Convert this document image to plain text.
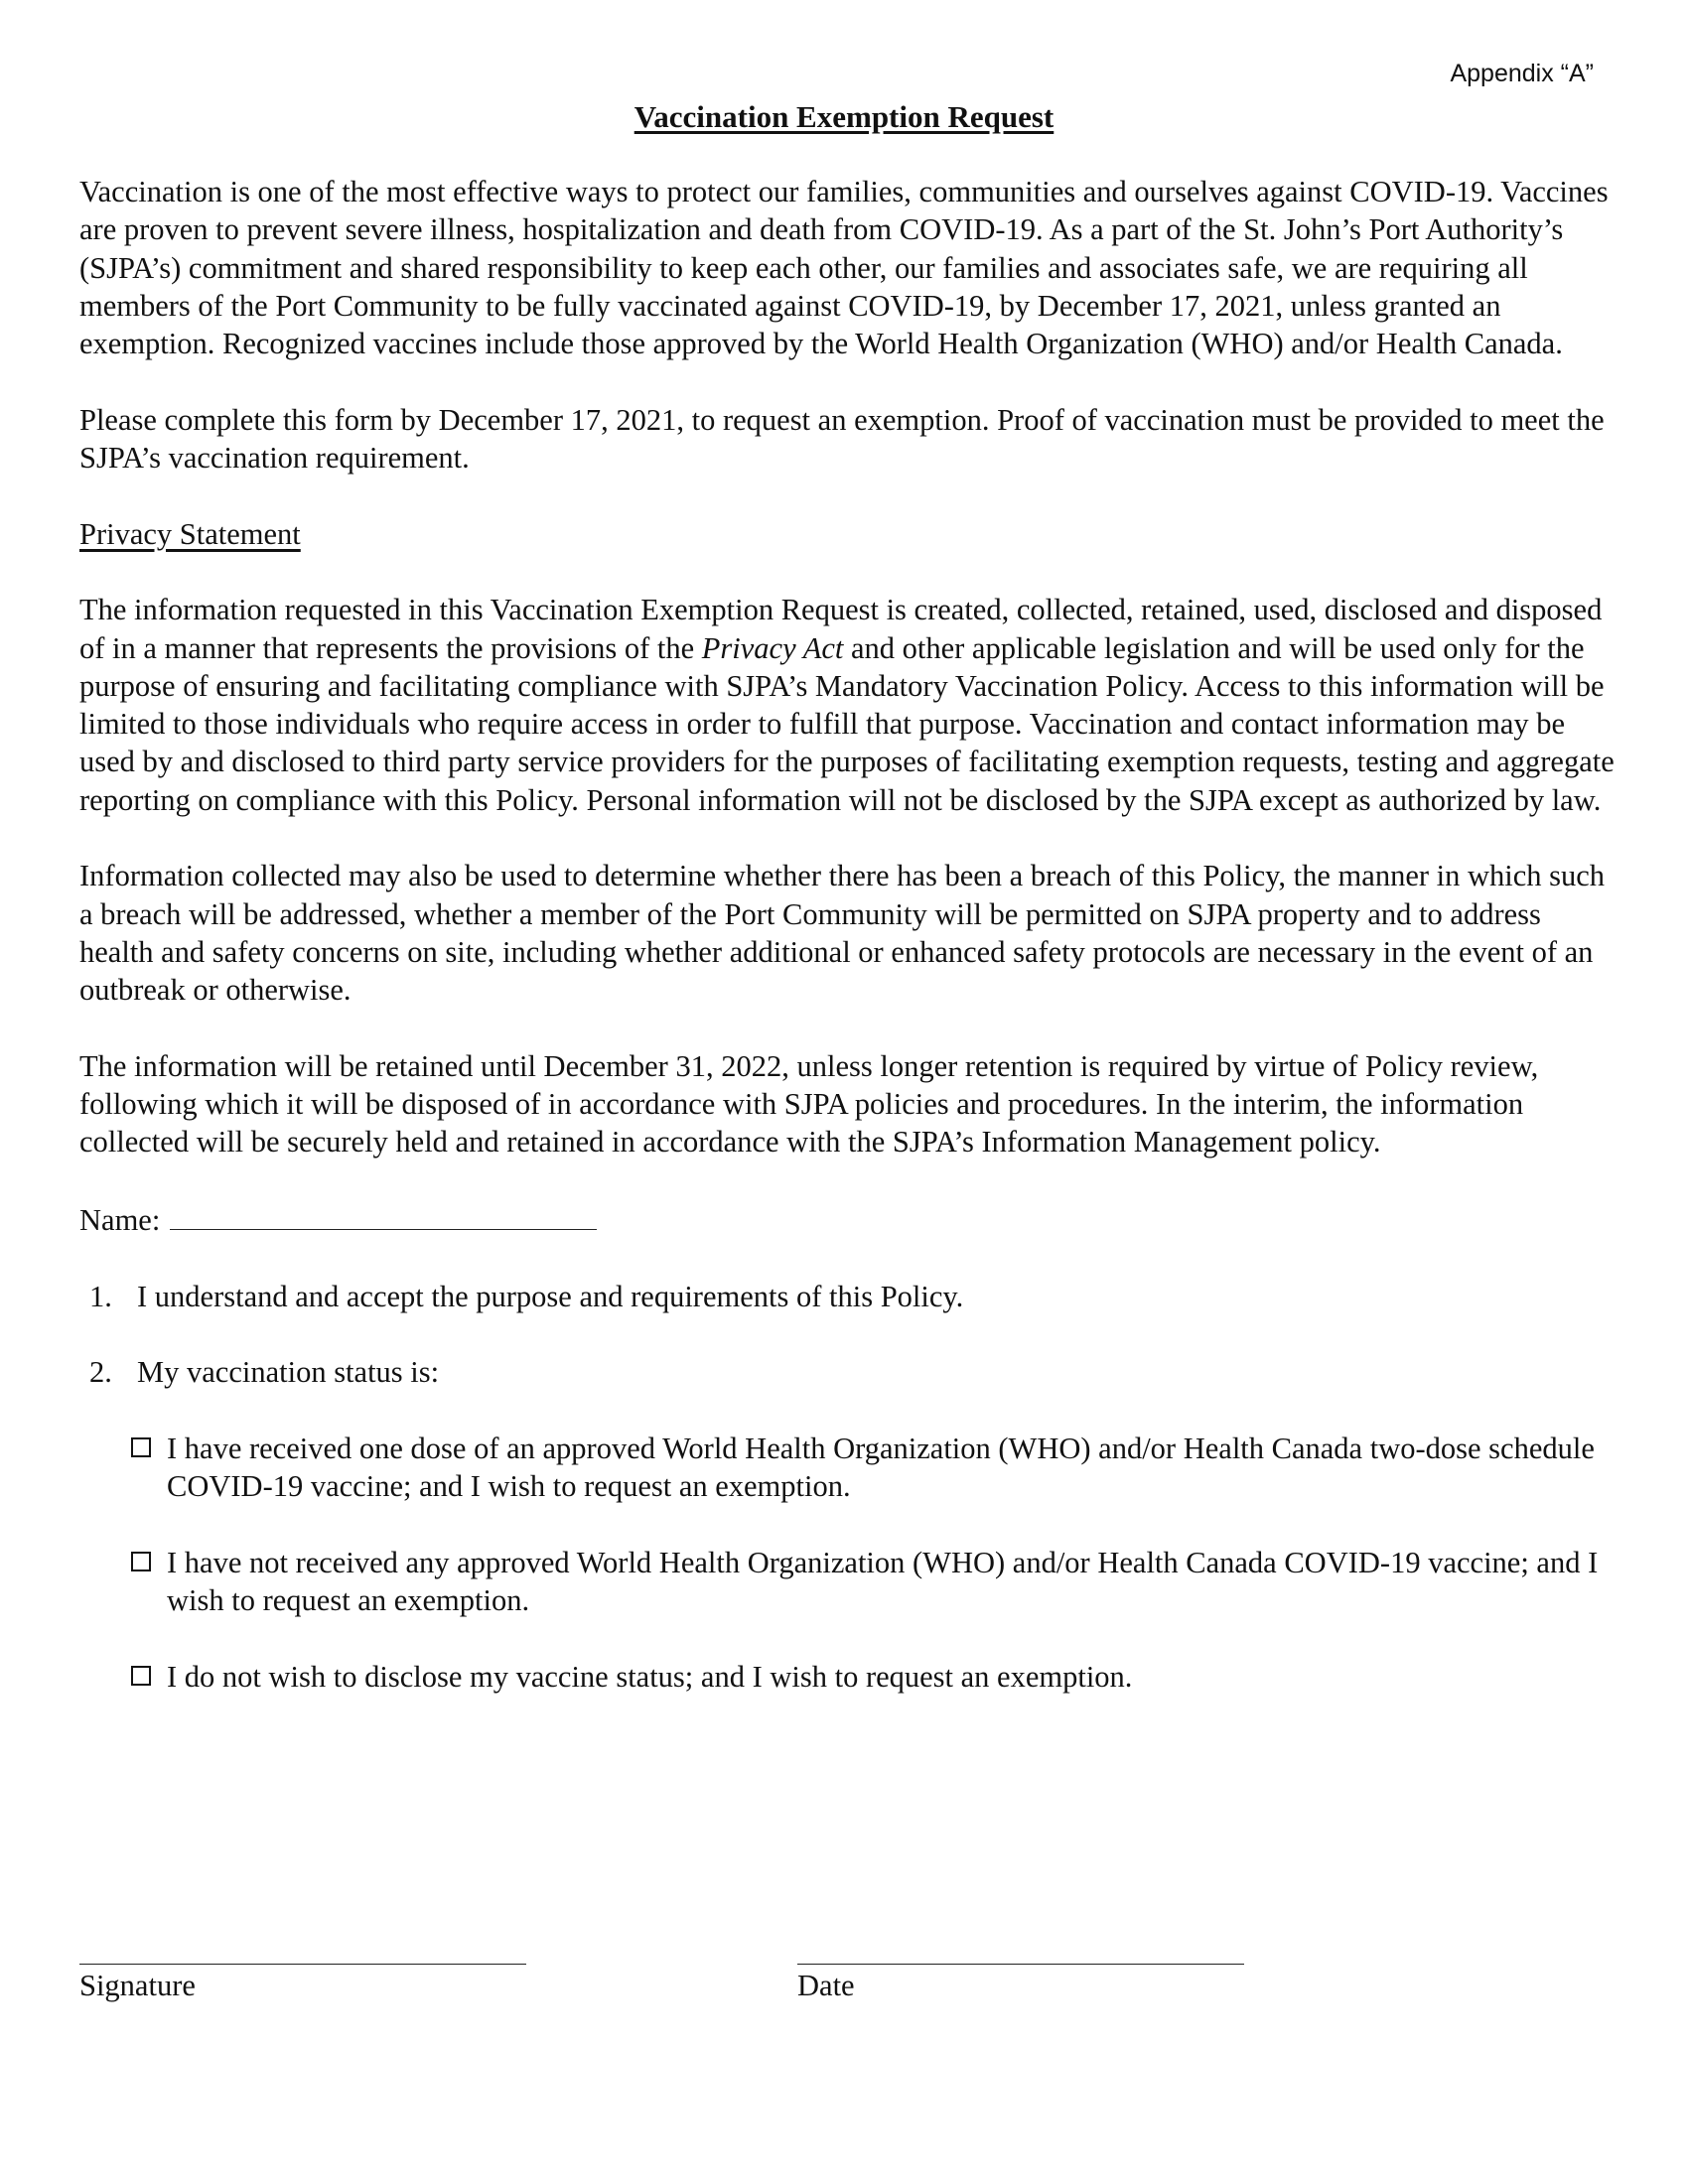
Appendix “A”
Vaccination Exemption Request

Vaccination is one of the most effective ways to protect our families, communities and ourselves against COVID-19. Vaccines are proven to prevent severe illness, hospitalization and death from COVID-19. As a part of the St. John’s Port Authority’s (SJPA’s) commitment and shared responsibility to keep each other, our families and associates safe, we are requiring all members of the Port Community to be fully vaccinated against COVID-19, by December 17, 2021, unless granted an exemption. Recognized vaccines include those approved by the World Health Organization (WHO) and/or Health Canada.

Please complete this form by December 17, 2021, to request an exemption. Proof of vaccination must be provided to meet the SJPA’s vaccination requirement.

Privacy Statement

The information requested in this Vaccination Exemption Request is created, collected, retained, used, disclosed and disposed of in a manner that represents the provisions of the Privacy Act and other applicable legislation and will be used only for the purpose of ensuring and facilitating compliance with SJPA’s Mandatory Vaccination Policy. Access to this information will be limited to those individuals who require access in order to fulfill that purpose. Vaccination and contact information may be used by and disclosed to third party service providers for the purposes of facilitating exemption requests, testing and aggregate reporting on compliance with this Policy. Personal information will not be disclosed by the SJPA except as authorized by law.

Information collected may also be used to determine whether there has been a breach of this Policy, the manner in which such a breach will be addressed, whether a member of the Port Community will be permitted on SJPA property and to address health and safety concerns on site, including whether additional or enhanced safety protocols are necessary in the event of an outbreak or otherwise.

The information will be retained until December 31, 2022, unless longer retention is required by virtue of Policy review, following which it will be disposed of in accordance with SJPA policies and procedures. In the interim, the information collected will be securely held and retained in accordance with the SJPA’s Information Management policy.

Name:
1. I understand and accept the purpose and requirements of this Policy.
2. My vaccination status is:
I have received one dose of an approved World Health Organization (WHO) and/or Health Canada two-dose schedule COVID-19 vaccine; and I wish to request an exemption.
I have not received any approved World Health Organization (WHO) and/or Health Canada COVID-19 vaccine; and I wish to request an exemption.
I do not wish to disclose my vaccine status; and I wish to request an exemption.
Signature	Date
